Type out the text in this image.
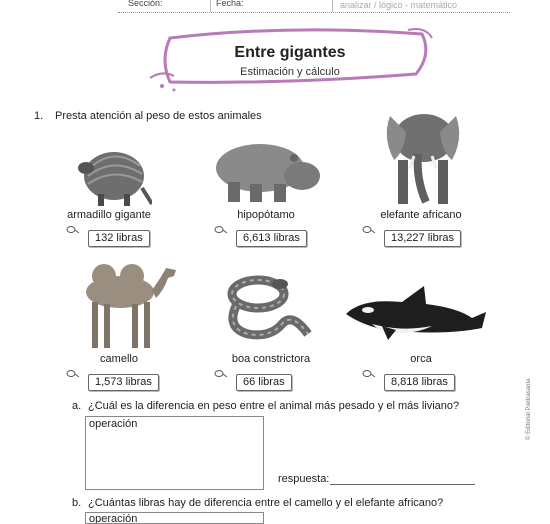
Sección:	Fecha:	analizar / lógico - matemático
Entre gigantes
Estimación y cálculo
1. Presta atención al peso de estos animales
armadillo gigante
132 libras
hipopótamo
6,613 libras
elefante africano
13,227 libras
camello
1,573 libras
boa constrictora
66 libras
orca
8,818 libras
a. ¿Cuál es la diferencia en peso entre el animal más pesado y el más liviano?
operación
respuesta:
b. ¿Cuántas libras hay de diferencia entre el camello y el elefante africano?
operación
© Editorial Piedrasanta
